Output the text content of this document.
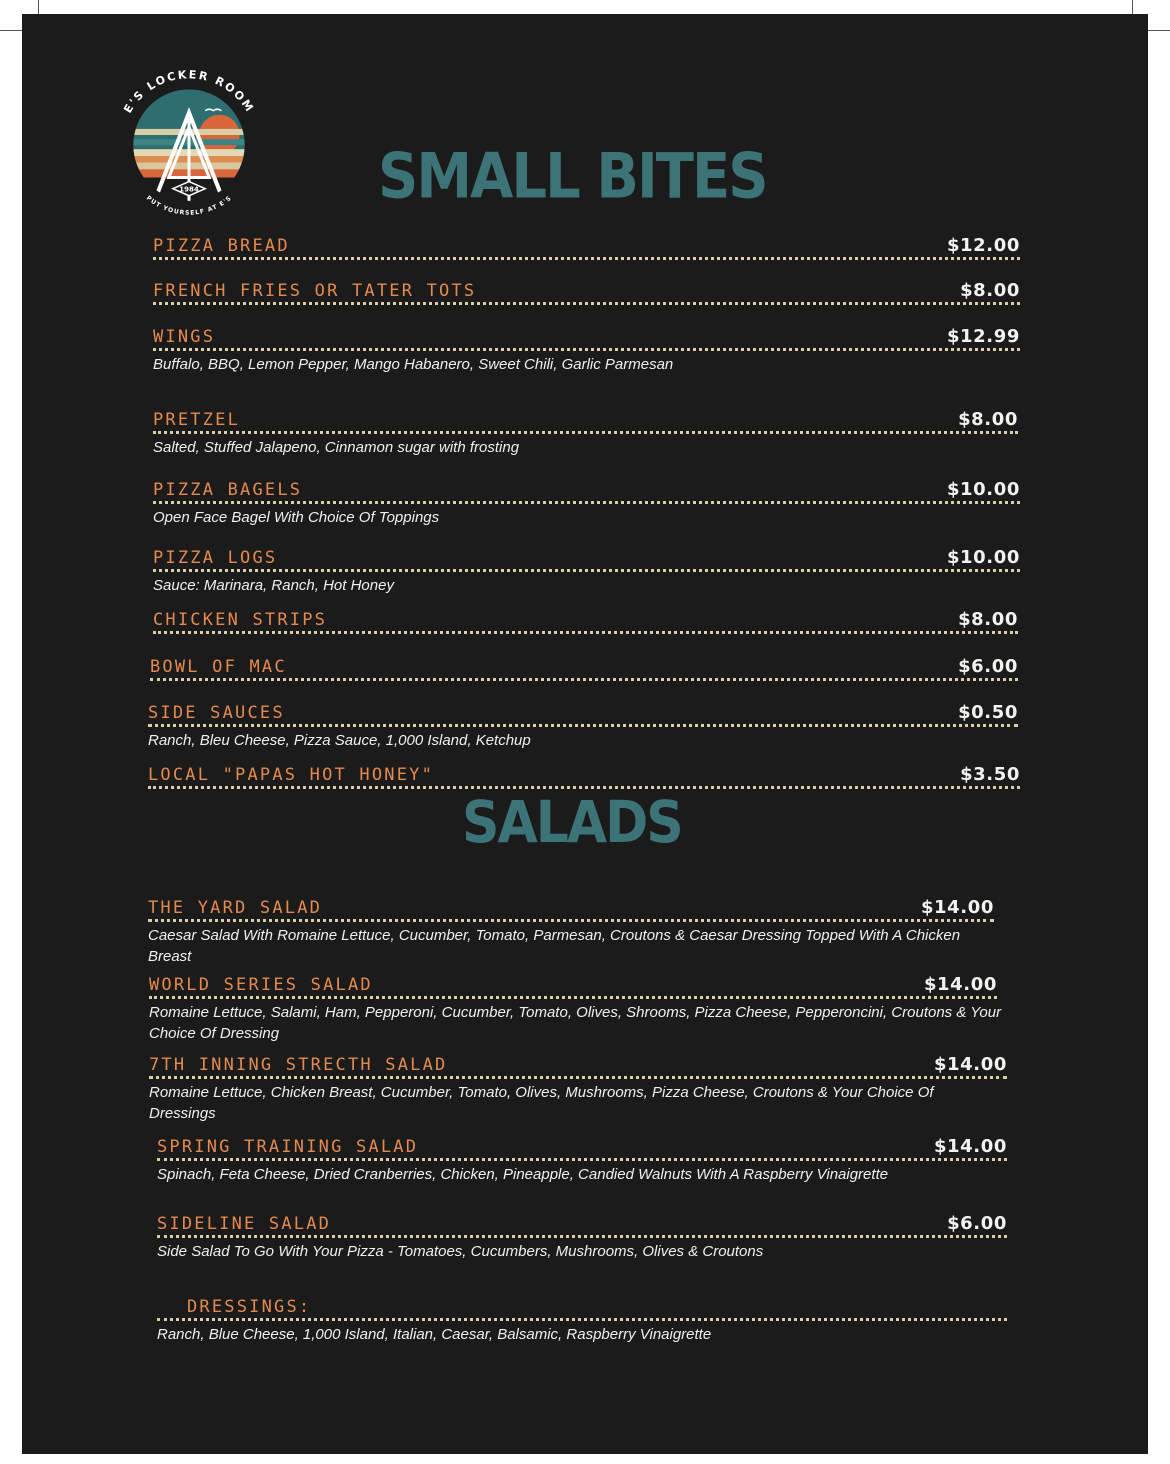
E'S LOCKER ROOM
PUT YOURSELF AT E'S
1984	SMALL BITES
SALADS
PIZZA BREAD	$12.00
FRENCH FRIES OR TATER TOTS	$8.00
WINGS	$12.99
Buffalo, BBQ, Lemon Pepper, Mango Habanero, Sweet Chili, Garlic Parmesan
PRETZEL	$8.00
Salted, Stuffed Jalapeno, Cinnamon sugar with frosting
PIZZA BAGELS	$10.00
Open Face Bagel With Choice Of Toppings
PIZZA LOGS	$10.00
Sauce: Marinara, Ranch, Hot Honey
CHICKEN STRIPS	$8.00
BOWL OF MAC	$6.00
SIDE SAUCES	$0.50
Ranch, Bleu Cheese, Pizza Sauce, 1,000 Island, Ketchup
LOCAL "PAPAS HOT HONEY"	$3.50
THE YARD SALAD	$14.00
Caesar Salad With Romaine Lettuce, Cucumber, Tomato, Parmesan, Croutons & Caesar Dressing Topped With A Chicken Breast
WORLD SERIES SALAD	$14.00
Romaine Lettuce, Salami, Ham, Pepperoni, Cucumber, Tomato, Olives, Shrooms, Pizza Cheese, Pepperoncini, Croutons & Your Choice Of Dressing
7TH INNING STRECTH SALAD	$14.00
Romaine Lettuce, Chicken Breast, Cucumber, Tomato, Olives, Mushrooms, Pizza Cheese, Croutons & Your Choice Of Dressings
SPRING TRAINING SALAD	$14.00
Spinach, Feta Cheese, Dried Cranberries, Chicken, Pineapple, Candied Walnuts With A Raspberry Vinaigrette
SIDELINE SALAD	$6.00
Side Salad To Go With Your Pizza - Tomatoes, Cucumbers, Mushrooms, Olives & Croutons
DRESSINGS:
Ranch, Blue Cheese, 1,000 Island, Italian, Caesar, Balsamic, Raspberry Vinaigrette
